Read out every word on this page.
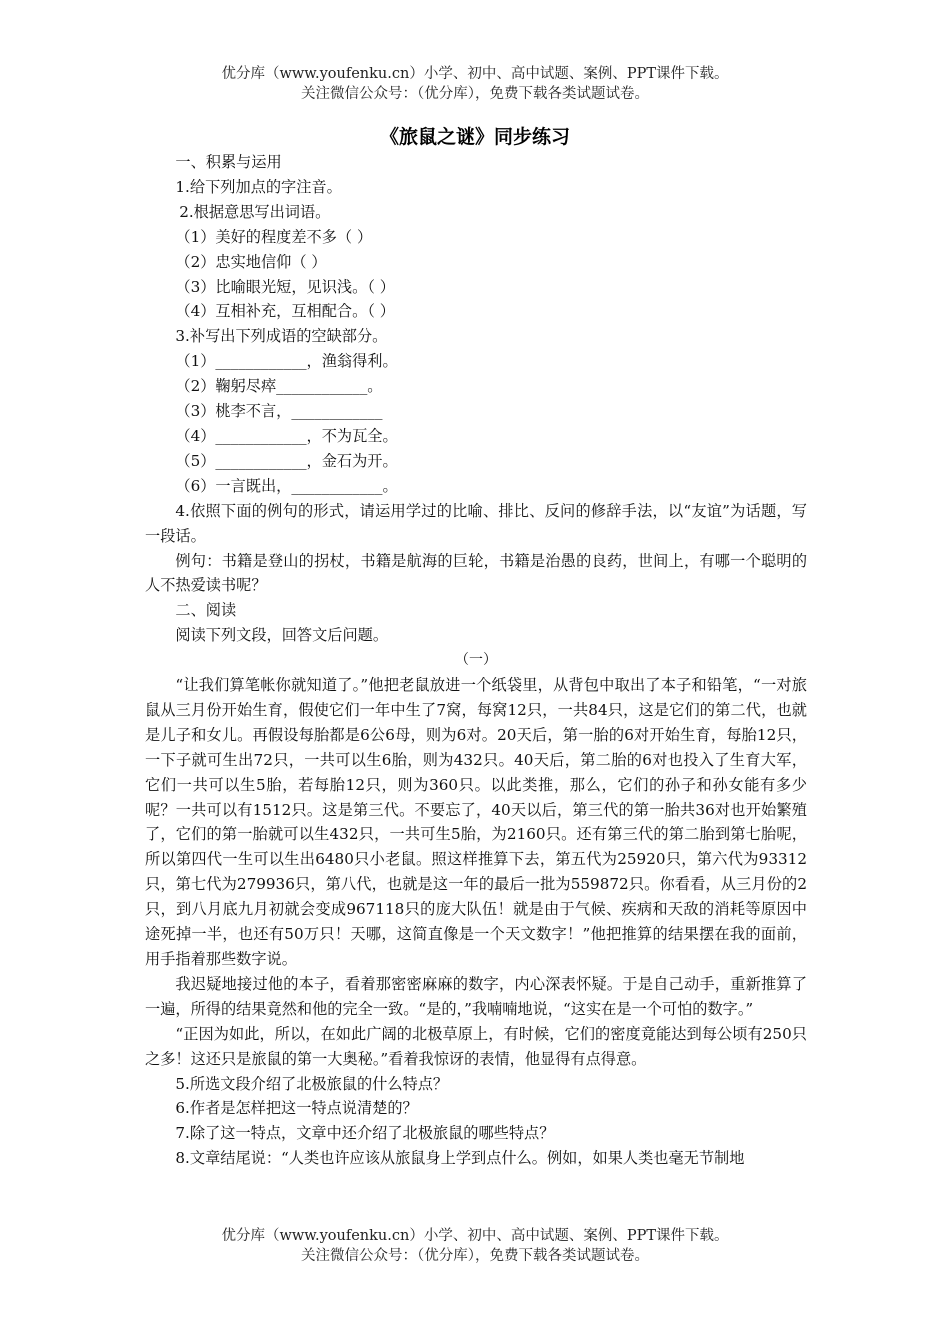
优分库（www.youfenku.cn）小学、初中、高中试题、案例、PPT课件下载。
关注微信公众号：（优分库），免费下载各类试题试卷。
《旅鼠之谜》同步练习

一、积累与运用

1.给下列加点的字注音。

2.根据意思写出词语。

（1）美好的程度差不多（ ）

（2）忠实地信仰（ ）

（3）比喻眼光短，见识浅。（ ）

（4）互相补充，互相配合。（ ）

3.补写出下列成语的空缺部分。

（1）____________，渔翁得利。

（2）鞠躬尽瘁____________。

（3）桃李不言，____________

（4）____________，不为瓦全。

（5）____________，金石为开。

（6）一言既出，____________。

4.依照下面的例句的形式，请运用学过的比喻、排比、反问的修辞手法，以“友谊”为话题，写一段话。

例句：书籍是登山的拐杖，书籍是航海的巨轮，书籍是治愚的良药，世间上，有哪一个聪明的人不热爱读书呢？

二、阅读

阅读下列文段，回答文后问题。

（一）

“让我们算笔帐你就知道了。”他把老鼠放进一个纸袋里，从背包中取出了本子和铅笔，“一对旅鼠从三月份开始生育，假使它们一年中生了7窝，每窝12只，一共84只，这是它们的第二代，也就是儿子和女儿。再假设每胎都是6公6母，则为6对。20天后，第一胎的6对开始生育，每胎12只，一下子就可生出72只，一共可以生6胎，则为432只。40天后，第二胎的6对也投入了生育大军，它们一共可以生5胎，若每胎12只，则为360只。以此类推，那么，它们的孙子和孙女能有多少呢？一共可以有1512只。这是第三代。不要忘了，40天以后，第三代的第一胎共36对也开始繁殖了，它们的第一胎就可以生432只，一共可生5胎，为2160只。还有第三代的第二胎到第七胎呢，所以第四代一生可以生出6480只小老鼠。照这样推算下去，第五代为25920只，第六代为93312只，第七代为279936只，第八代，也就是这一年的最后一批为559872只。你看看，从三月份的2只，到八月底九月初就会变成967118只的庞大队伍！就是由于气候、疾病和天敌的消耗等原因中途死掉一半，也还有50万只！天哪，这简直像是一个天文数字！”他把推算的结果摆在我的面前，用手指着那些数字说。

我迟疑地接过他的本子，看着那密密麻麻的数字，内心深表怀疑。于是自己动手，重新推算了一遍，所得的结果竟然和他的完全一致。“是的，”我喃喃地说，“这实在是一个可怕的数字。”

“正因为如此，所以，在如此广阔的北极草原上，有时候，它们的密度竟能达到每公顷有250只之多！这还只是旅鼠的第一大奥秘。”看着我惊讶的表情，他显得有点得意。

5.所选文段介绍了北极旅鼠的什么特点？

6.作者是怎样把这一特点说清楚的？

7.除了这一特点，文章中还介绍了北极旅鼠的哪些特点？

8.文章结尾说：“人类也许应该从旅鼠身上学到点什么。例如，如果人类也毫无节制地

优分库（www.youfenku.cn）小学、初中、高中试题、案例、PPT课件下载。
关注微信公众号：（优分库），免费下载各类试题试卷。
